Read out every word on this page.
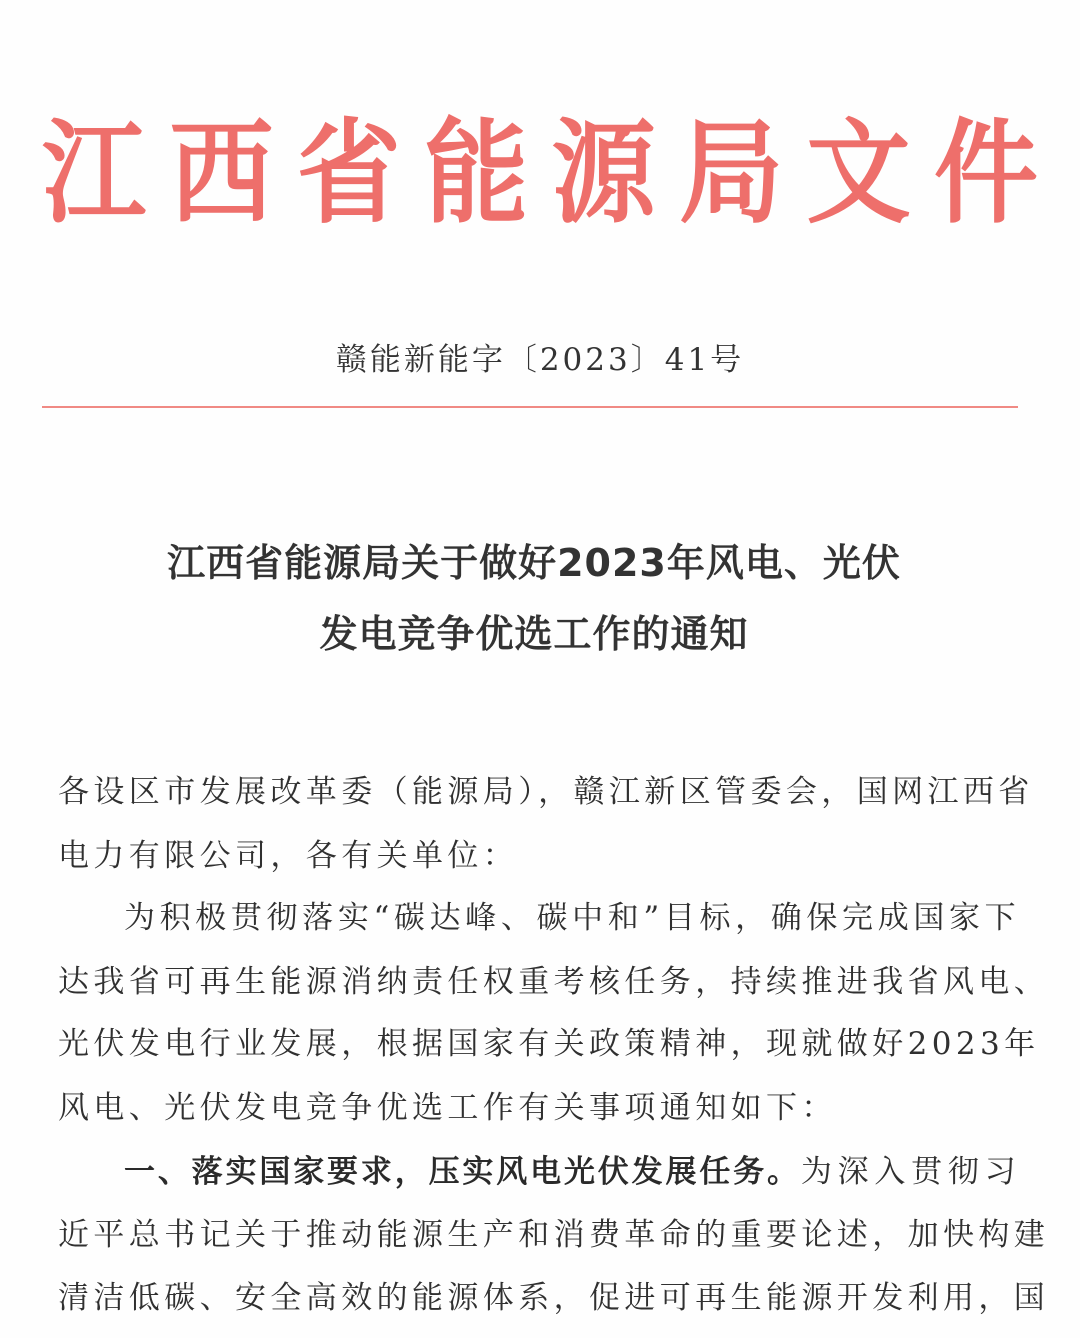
江 西 省 能 源 局 文 件
赣能新能字〔2023〕41号
江西省能源局关于做好2023年风电、光伏
发电竞争优选工作的通知
各设区市发展改革委（能源局），赣江新区管委会，国网江西省
电力有限公司，各有关单位：
为积极贯彻落实“碳达峰、碳中和”目标，确保完成国家下
达我省可再生能源消纳责任权重考核任务，持续推进我省风电、
光伏发电行业发展，根据国家有关政策精神，现就做好2023年
风电、光伏发电竞争优选工作有关事项通知如下：
一、落实国家要求，压实风电光伏发展任务。为深入贯彻习
近平总书记关于推动能源生产和消费革命的重要论述，加快构建
清洁低碳、安全高效的能源体系，促进可再生能源开发利用，国
